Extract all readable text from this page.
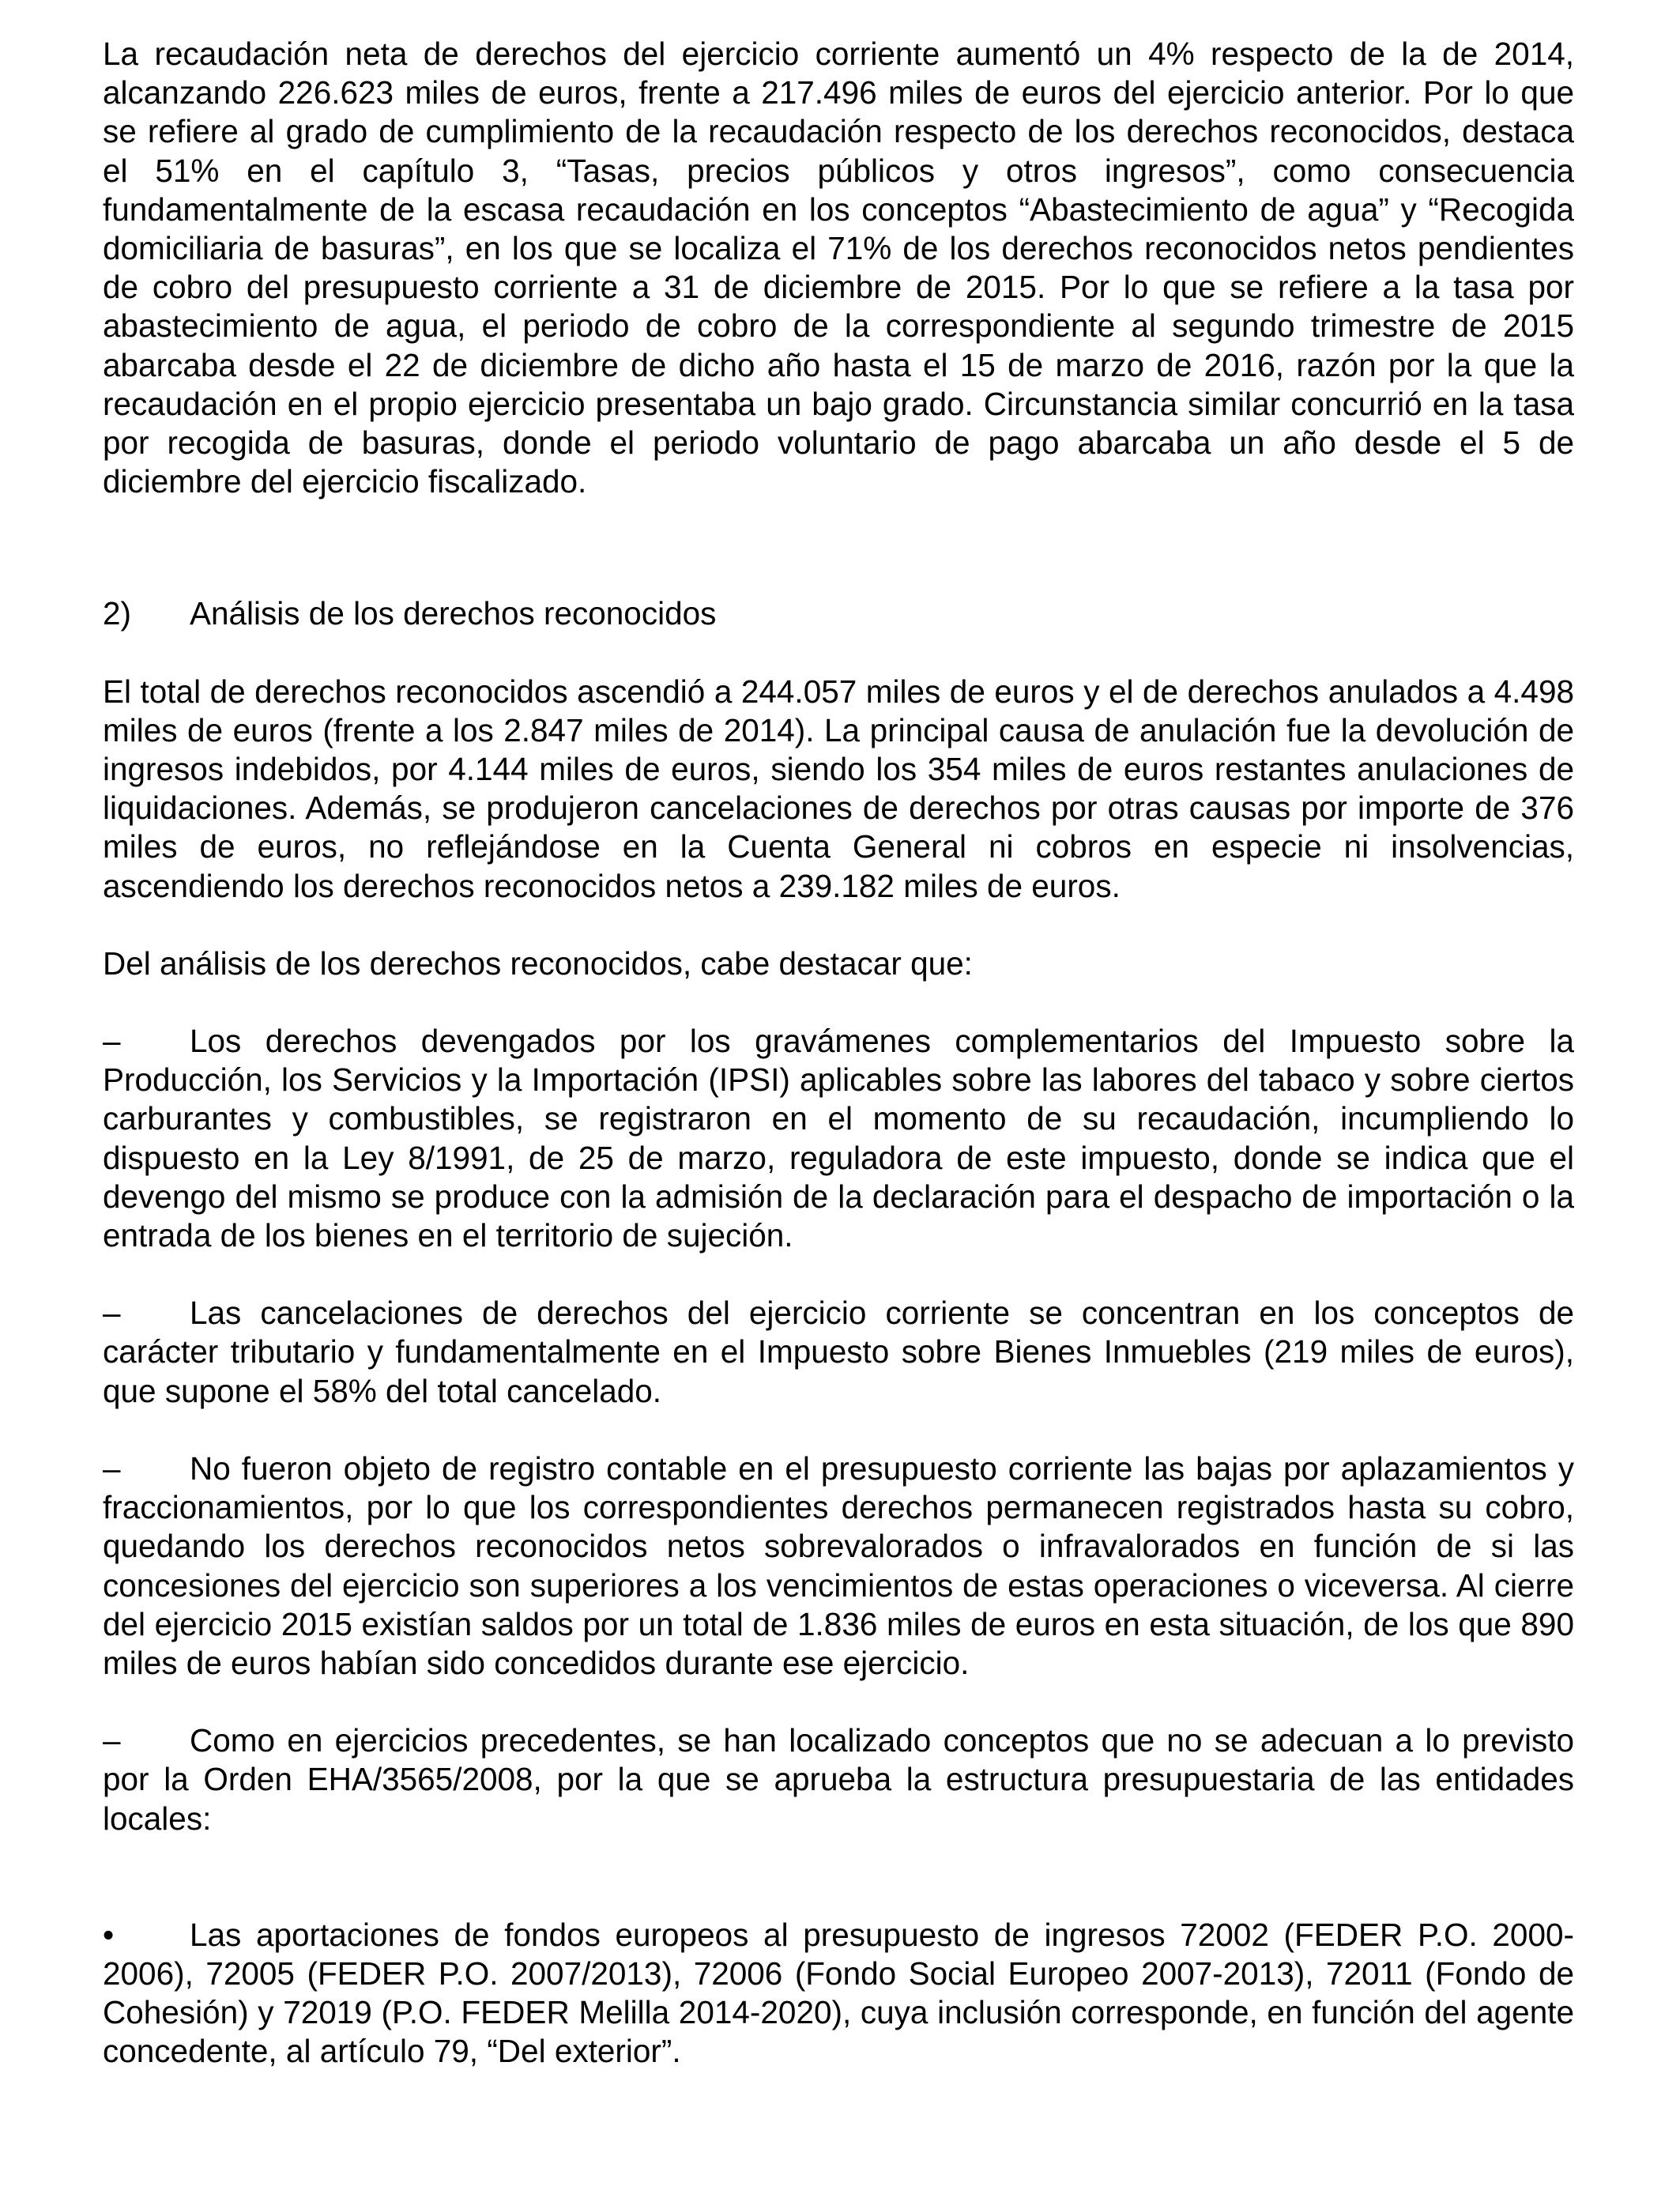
La recaudación neta de derechos del ejercicio corriente aumentó un 4% respecto de la de 2014, alcanzando 226.623 miles de euros, frente a 217.496 miles de euros del ejercicio anterior. Por lo que se refiere al grado de cumplimiento de la recaudación respecto de los derechos reconocidos, destaca el 51% en el capítulo 3, “Tasas, precios públicos y otros ingresos”, como consecuencia fundamentalmente de la escasa recaudación en los conceptos “Abastecimiento de agua” y “Recogida domiciliaria de basuras”, en los que se localiza el 71% de los derechos reconocidos netos pendientes de cobro del presupuesto corriente a 31 de diciembre de 2015. Por lo que se refiere a la tasa por abastecimiento de agua, el periodo de cobro de la correspondiente al segundo trimestre de 2015 abarcaba desde el 22 de diciembre de dicho año hasta el 15 de marzo de 2016, razón por la que la recaudación en el propio ejercicio presentaba un bajo grado. Circunstancia similar concurrió en la tasa por recogida de basuras, donde el periodo voluntario de pago abarcaba un año desde el 5 de diciembre del ejercicio fiscalizado.

2) Análisis de los derechos reconocidos

El total de derechos reconocidos ascendió a 244.057 miles de euros y el de derechos anulados a 4.498 miles de euros (frente a los 2.847 miles de 2014). La principal causa de anulación fue la devolución de ingresos indebidos, por 4.144 miles de euros, siendo los 354 miles de euros restantes anulaciones de liquidaciones. Además, se produjeron cancelaciones de derechos por otras causas por importe de 376 miles de euros, no reflejándose en la Cuenta General ni cobros en especie ni insolvencias, ascendiendo los derechos reconocidos netos a 239.182 miles de euros.

Del análisis de los derechos reconocidos, cabe destacar que:

– Los derechos devengados por los gravámenes complementarios del Impuesto sobre la Producción, los Servicios y la Importación (IPSI) aplicables sobre las labores del tabaco y sobre ciertos carburantes y combustibles, se registraron en el momento de su recaudación, incumpliendo lo dispuesto en la Ley 8/1991, de 25 de marzo, reguladora de este impuesto, donde se indica que el devengo del mismo se produce con la admisión de la declaración para el despacho de importación o la entrada de los bienes en el territorio de sujeción.

– Las cancelaciones de derechos del ejercicio corriente se concentran en los conceptos de carácter tributario y fundamentalmente en el Impuesto sobre Bienes Inmuebles (219 miles de euros), que supone el 58% del total cancelado.

– No fueron objeto de registro contable en el presupuesto corriente las bajas por aplazamientos y fraccionamientos, por lo que los correspondientes derechos permanecen registrados hasta su cobro, quedando los derechos reconocidos netos sobrevalorados o infravalorados en función de si las concesiones del ejercicio son superiores a los vencimientos de estas operaciones o viceversa. Al cierre del ejercicio 2015 existían saldos por un total de 1.836 miles de euros en esta situación, de los que 890 miles de euros habían sido concedidos durante ese ejercicio.

– Como en ejercicios precedentes, se han localizado conceptos que no se adecuan a lo previsto por la Orden EHA/3565/2008, por la que se aprueba la estructura presupuestaria de las entidades locales:

• Las aportaciones de fondos europeos al presupuesto de ingresos 72002 (FEDER P.O. 2000-2006), 72005 (FEDER P.O. 2007/2013), 72006 (Fondo Social Europeo 2007-2013), 72011 (Fondo de Cohesión) y 72019 (P.O. FEDER Melilla 2014-2020), cuya inclusión corresponde, en función del agente concedente, al artículo 79, “Del exterior”.
